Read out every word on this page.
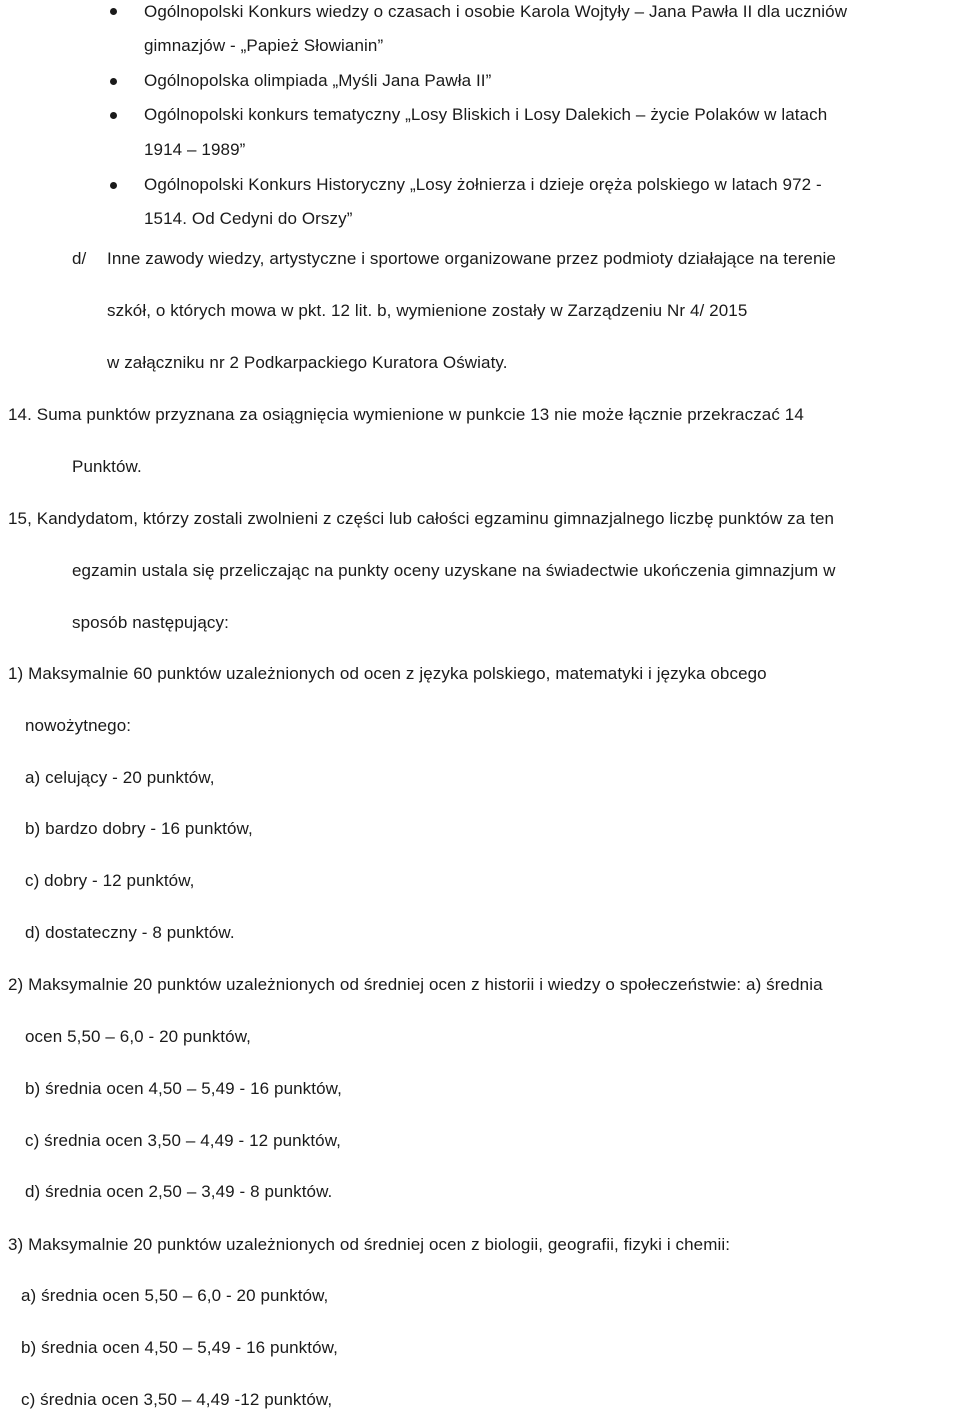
Ogólnopolski Konkurs wiedzy o czasach i osobie Karola Wojtyły – Jana Pawła II dla uczniów
gimnazjów - „Papież Słowianin”
Ogólnopolska olimpiada „Myśli Jana Pawła II”
Ogólnopolski konkurs tematyczny „Losy Bliskich i Losy Dalekich – życie Polaków w latach
1914 – 1989”
Ogólnopolski Konkurs Historyczny „Losy żołnierza i dzieje oręża polskiego w latach 972 -
1514. Od Cedyni do Orszy”
d/ Inne zawody wiedzy, artystyczne i sportowe organizowane przez podmioty działające na terenie
szkół, o których mowa w pkt. 12 lit. b, wymienione zostały w Zarządzeniu Nr 4/ 2015
w załączniku nr 2 Podkarpackiego Kuratora Oświaty.
14. Suma punktów przyznana za osiągnięcia wymienione w punkcie 13 nie może łącznie przekraczać 14
Punktów.
15, Kandydatom, którzy zostali zwolnieni z części lub całości egzaminu gimnazjalnego liczbę punktów za ten
egzamin ustala się przeliczając na punkty oceny uzyskane na świadectwie ukończenia gimnazjum w
sposób następujący:
1) Maksymalnie 60 punktów uzależnionych od ocen z języka polskiego, matematyki i języka obcego
nowożytnego:
a) celujący - 20 punktów,
b) bardzo dobry - 16 punktów,
c) dobry - 12 punktów,
d) dostateczny - 8 punktów.
2) Maksymalnie 20 punktów uzależnionych od średniej ocen z historii i wiedzy o społeczeństwie: a) średnia
ocen 5,50 – 6,0 - 20 punktów,
b) średnia ocen 4,50 – 5,49 - 16 punktów,
c) średnia ocen 3,50 – 4,49 - 12 punktów,
d) średnia ocen 2,50 – 3,49 - 8 punktów.
3) Maksymalnie 20 punktów uzależnionych od średniej ocen z biologii, geografii, fizyki i chemii:
a) średnia ocen 5,50 – 6,0 - 20 punktów,
b) średnia ocen 4,50 – 5,49 - 16 punktów,
c) średnia ocen 3,50 – 4,49 -12 punktów,
